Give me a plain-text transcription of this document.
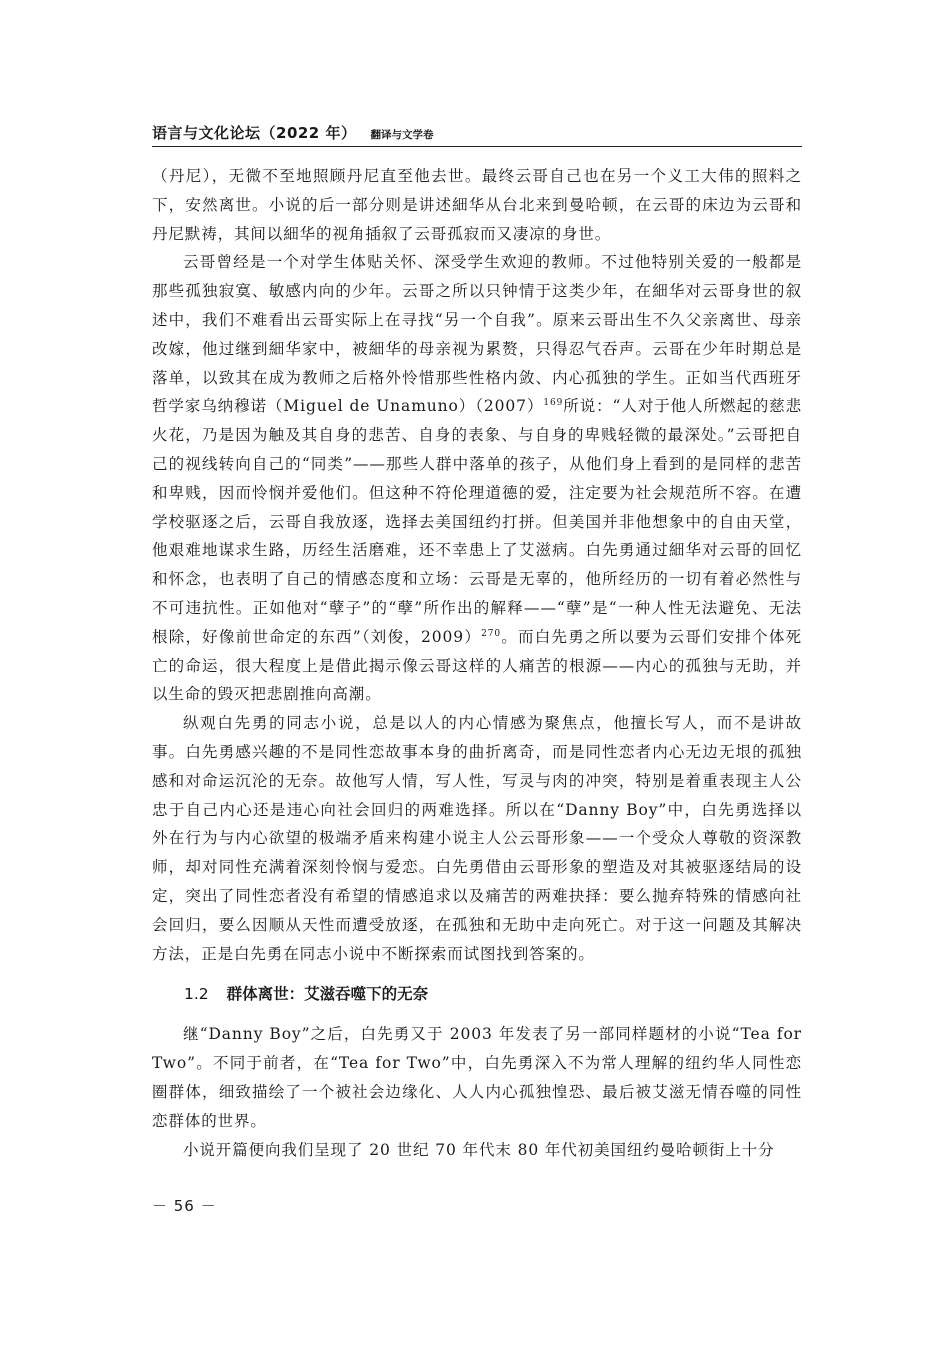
语言与文化论坛（2022 年） 翻译与文学卷

（丹尼），无微不至地照顾丹尼直至他去世。最终云哥自己也在另一个义工大伟的照料之下，安然离世。小说的后一部分则是讲述細华从台北来到曼哈顿，在云哥的床边为云哥和丹尼默祷，其间以細华的视角插叙了云哥孤寂而又凄凉的身世。

云哥曾经是一个对学生体贴关怀、深受学生欢迎的教师。不过他特别关爱的一般都是那些孤独寂寞、敏感内向的少年。云哥之所以只钟情于这类少年，在細华对云哥身世的叙述中，我们不难看出云哥实际上在寻找“另一个自我”。原来云哥出生不久父亲离世、母亲改嫁，他过继到細华家中，被細华的母亲视为累赘，只得忍气吞声。云哥在少年时期总是落单，以致其在成为教师之后格外怜惜那些性格内敛、内心孤独的学生。正如当代西班牙哲学家乌纳穆诺（Miguel de $Unamuno)(2007)^{169}$所说：“人对于他人所燃起的慈悲火花，乃是因为触及其自身的悲苦、自身的表象、与自身的卑贱轻微的最深处。”云哥把自己的视线转向自己的“同类”——那些人群中落单的孩子，从他们身上看到的是同样的悲苦和卑贱，因而怜悯并爱他们。但这种不符伦理道德的爱，注定要为社会规范所不容。在遭学校驱逐之后，云哥自我放逐，选择去美国纽约打拼。但美国并非他想象中的自由天堂，他艰难地谋求生路，历经生活磨难，还不幸患上了艾滋病。白先勇通过細华对云哥的回忆和怀念，也表明了自己的情感态度和立场：云哥是无辜的，他所经历的一切有着必然性与不可违抗性。正如他对“孽子”的“孽”所作出的解释——“孽”是“一种人性无法避免、无法根除，好像前世命定的东西”（刘俊，2009）$^{270}$。而白先勇之所以要为云哥们安排个体死亡的命运，很大程度上是借此揭示像云哥这样的人痛苦的根源——内心的孤独与无助，并以生命的毁灭把悲剧推向高潮。

纵观白先勇的同志小说，总是以人的内心情感为聚焦点，他擅长写人，而不是讲故事。白先勇感兴趣的不是同性恋故事本身的曲折离奇，而是同性恋者内心无边无垠的孤独感和对命运沉沦的无奈。故他写人情，写人性，写灵与肉的冲突，特别是着重表现主人公忠于自己内心还是违心向社会回归的两难选择。所以在“Danny Boy”中，白先勇选择以外在行为与内心欲望的极端矛盾来构建小说主人公云哥形象——一个受众人尊敬的资深教师，却对同性充满着深刻怜悯与爱恋。白先勇借由云哥形象的塑造及对其被驱逐结局的设定，突出了同性恋者没有希望的情感追求以及痛苦的两难抉择：要么抛弃特殊的情感向社会回归，要么因顺从天性而遭受放逐，在孤独和无助中走向死亡。对于这一问题及其解决方法，正是白先勇在同志小说中不断探索而试图找到答案的。

1.2 群体离世：艾滋吞噬下的无奈

继“Danny Boy”之后，白先勇又于 2003 年发表了另一部同样题材的小说“Tea for Two”。不同于前者，在“Tea for Two”中，白先勇深入不为常人理解的纽约华人同性恋圈群体，细致描绘了一个被社会边缘化、人人内心孤独惶恐、最后被艾滋无情吞噬的同性恋群体的世界。

小说开篇便向我们呈现了 20 世纪 70 年代末 80 年代初美国纽约曼哈顿街上十分

－ 56 －
